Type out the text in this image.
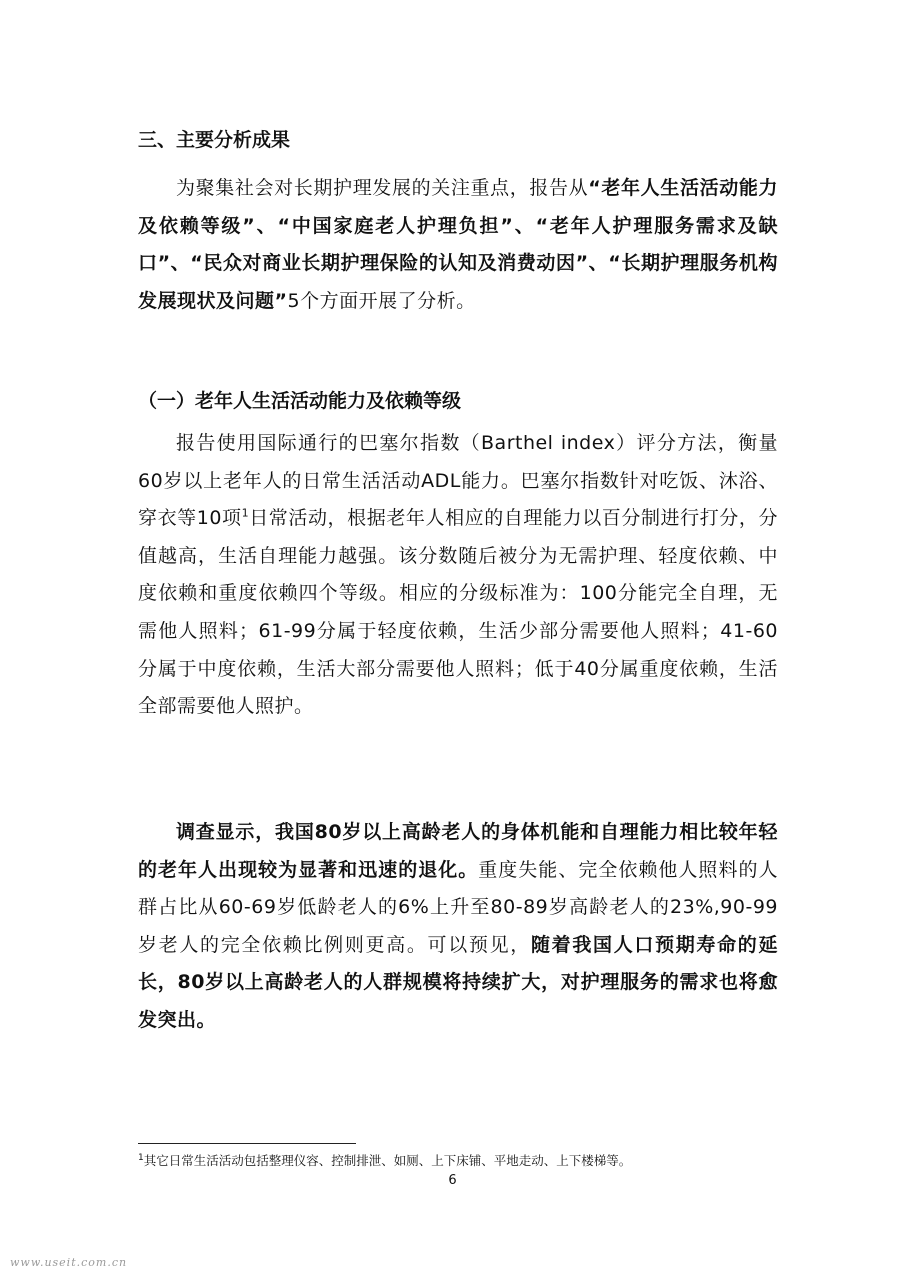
三、主要分析成果

为聚集社会对长期护理发展的关注重点，报告从“老年人生活活动能力及依赖等级”、“中国家庭老人护理负担”、“老年人护理服务需求及缺口”、“民众对商业长期护理保险的认知及消费动因”、“长期护理服务机构发展现状及问题”5个方面开展了分析。

（一）老年人生活活动能力及依赖等级

报告使用国际通行的巴塞尔指数（Barthel index）评分方法，衡量60岁以上老年人的日常生活活动ADL能力。巴塞尔指数针对吃饭、沐浴、穿衣等10项$^1$日常活动，根据老年人相应的自理能力以百分制进行打分，分值越高，生活自理能力越强。该分数随后被分为无需护理、轻度依赖、中度依赖和重度依赖四个等级。相应的分级标准为：100分能完全自理，无需他人照料；61-99分属于轻度依赖，生活少部分需要他人照料；41-60分属于中度依赖，生活大部分需要他人照料；低于40分属重度依赖，生活全部需要他人照护。

调查显示，我国80岁以上高龄老人的身体机能和自理能力相比较年轻的老年人出现较为显著和迅速的退化。重度失能、完全依赖他人照料的人群占比从60-69岁低龄老人的6%上升至80-89岁高龄老人的23%,90-99岁老人的完全依赖比例则更高。可以预见，随着我国人口预期寿命的延长，80岁以上高龄老人的人群规模将持续扩大，对护理服务的需求也将愈发突出。

$^1$其它日常生活活动包括整理仪容、控制排泄、如厕、上下床铺、平地走动、上下楼梯等。

6
www.useit.com.cn
